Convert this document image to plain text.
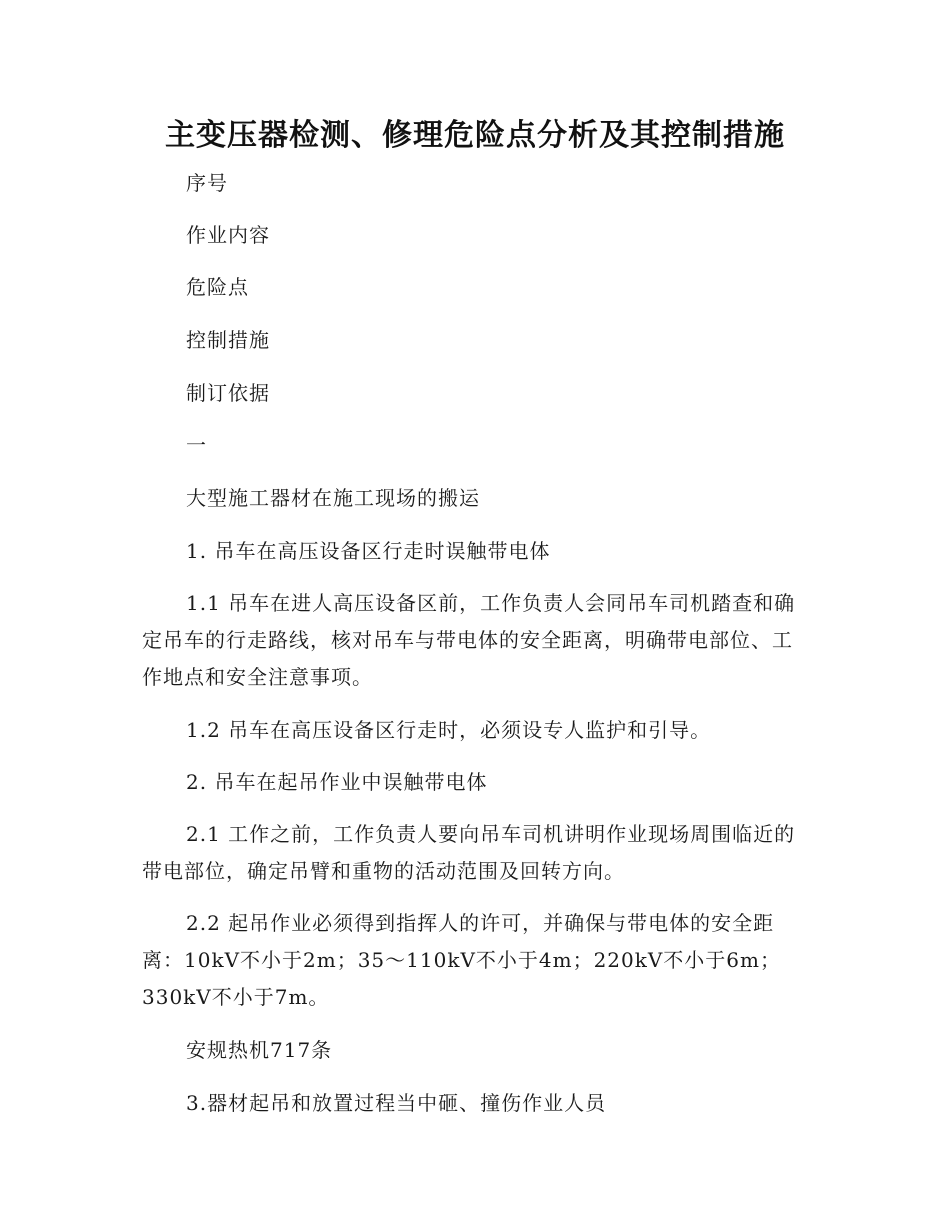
主变压器检测、修理危险点分析及其控制措施

序号

作业内容

危险点

控制措施

制订依据

一

大型施工器材在施工现场的搬运

1. 吊车在高压设备区行走时误触带电体

1.1 吊车在进人高压设备区前，工作负责人会同吊车司机踏查和确定吊车的行走路线，核对吊车与带电体的安全距离，明确带电部位、工作地点和安全注意事项。

1.2 吊车在高压设备区行走时，必须设专人监护和引导。

2. 吊车在起吊作业中误触带电体

2.1 工作之前，工作负责人要向吊车司机讲明作业现场周围临近的带电部位，确定吊臂和重物的活动范围及回转方向。

2.2 起吊作业必须得到指挥人的许可，并确保与带电体的安全距离：10kV不小于2m；35～110kV不小于4m；220kV不小于6m；330kV不小于7m。

安规热机717条

3.器材起吊和放置过程当中砸、撞伤作业人员
